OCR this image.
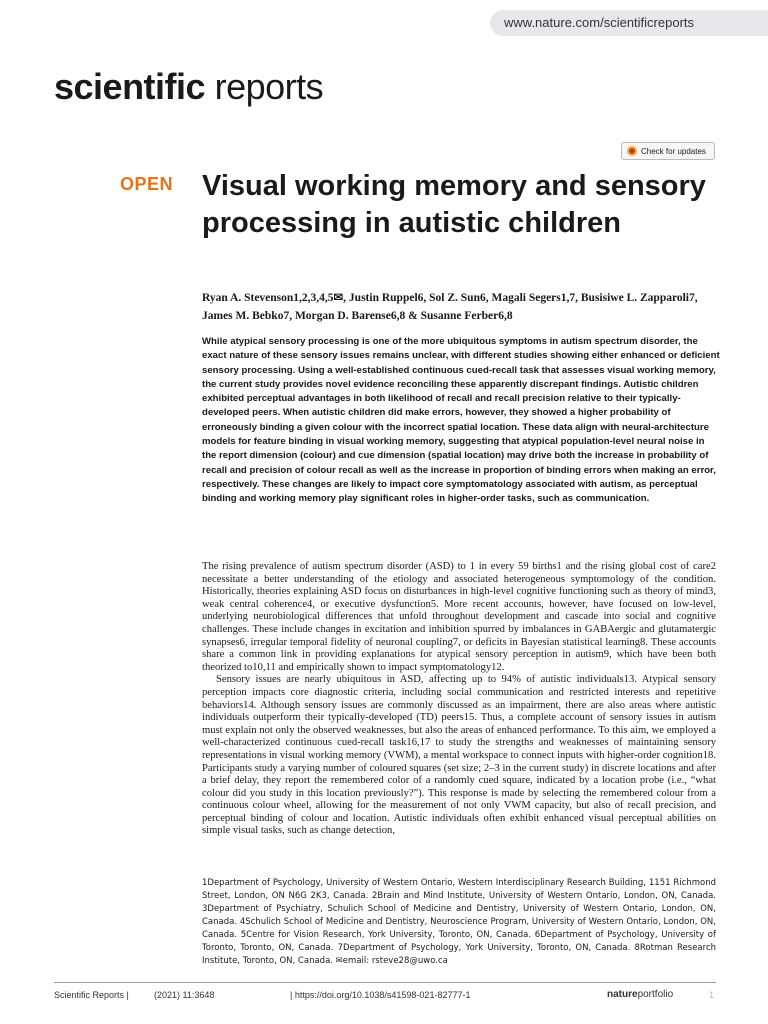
www.nature.com/scientificreports
scientific reports
Check for updates
OPEN Visual working memory and sensory processing in autistic children

Ryan A. Stevenson1,2,3,4,5✉, Justin Ruppel6, Sol Z. Sun6, Magali Segers1,7, Busisiwe L. Zapparoli7, James M. Bebko7, Morgan D. Barense6,8 & Susanne Ferber6,8

While atypical sensory processing is one of the more ubiquitous symptoms in autism spectrum disorder, the exact nature of these sensory issues remains unclear, with different studies showing either enhanced or deficient sensory processing. Using a well-established continuous cued-recall task that assesses visual working memory, the current study provides novel evidence reconciling these apparently discrepant findings. Autistic children exhibited perceptual advantages in both likelihood of recall and recall precision relative to their typically-developed peers. When autistic children did make errors, however, they showed a higher probability of erroneously binding a given colour with the incorrect spatial location. These data align with neural-architecture models for feature binding in visual working memory, suggesting that atypical population-level neural noise in the report dimension (colour) and cue dimension (spatial location) may drive both the increase in probability of recall and precision of colour recall as well as the increase in proportion of binding errors when making an error, respectively. These changes are likely to impact core symptomatology associated with autism, as perceptual binding and working memory play significant roles in higher-order tasks, such as communication.

The rising prevalence of autism spectrum disorder (ASD) to 1 in every 59 births1 and the rising global cost of care2 necessitate a better understanding of the etiology and associated heterogeneous symptomology of the condition. Historically, theories explaining ASD focus on disturbances in high-level cognitive functioning such as theory of mind3, weak central coherence4, or executive dysfunction5. More recent accounts, however, have focused on low-level, underlying neurobiological differences that unfold throughout development and cascade into social and cognitive challenges. These include changes in excitation and inhibition spurred by imbalances in GABAergic and glutamatergic synapses6, irregular temporal fidelity of neuronal coupling7, or deficits in Bayesian statistical learning8. These accounts share a common link in providing explanations for atypical sensory perception in autism9, which have been both theorized to10,11 and empirically shown to impact symptomatology12.

Sensory issues are nearly ubiquitous in ASD, affecting up to 94% of autistic individuals13. Atypical sensory perception impacts core diagnostic criteria, including social communication and restricted interests and repetitive behaviors14. Although sensory issues are commonly discussed as an impairment, there are also areas where autistic individuals outperform their typically-developed (TD) peers15. Thus, a complete account of sensory issues in autism must explain not only the observed weaknesses, but also the areas of enhanced performance. To this aim, we employed a well-characterized continuous cued-recall task16,17 to study the strengths and weaknesses of maintaining sensory representations in visual working memory (VWM), a mental workspace to connect inputs with higher-order cognition18. Participants study a varying number of coloured squares (set size; 2–3 in the current study) in discrete locations and after a brief delay, they report the remembered color of a randomly cued square, indicated by a location probe (i.e., “what colour did you study in this location previously?”). This response is made by selecting the remembered colour from a continuous colour wheel, allowing for the measurement of not only VWM capacity, but also of recall precision, and perceptual binding of colour and location. Autistic individuals often exhibit enhanced visual perceptual abilities on simple visual tasks, such as change detection,

1Department of Psychology, University of Western Ontario, Western Interdisciplinary Research Building, 1151 Richmond Street, London, ON N6G 2K3, Canada. 2Brain and Mind Institute, University of Western Ontario, London, ON, Canada. 3Department of Psychiatry, Schulich School of Medicine and Dentistry, University of Western Ontario, London, ON, Canada. 4Schulich School of Medicine and Dentistry, Neuroscience Program, University of Western Ontario, London, ON, Canada. 5Centre for Vision Research, York University, Toronto, ON, Canada. 6Department of Psychology, University of Toronto, Toronto, ON, Canada. 7Department of Psychology, York University, Toronto, ON, Canada. 8Rotman Research Institute, Toronto, ON, Canada. ✉email: rsteve28@uwo.ca

Scientific Reports |	(2021) 11:3648	| https://doi.org/10.1038/s41598-021-82777-1	natureportfolio	1
